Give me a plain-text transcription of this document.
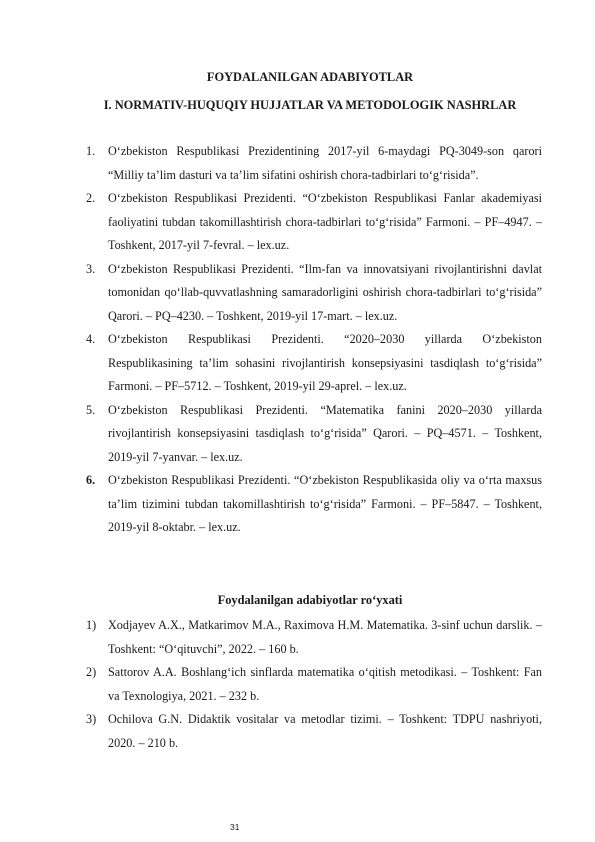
FOYDALANILGAN ADABIYOTLAR
I. NORMATIV-HUQUQIY HUJJATLAR VA METODOLOGIK NASHRLAR
1. O‘zbekiston Respublikasi Prezidentining 2017-yil 6-maydagi PQ-3049-son qarori “Milliy ta’lim dasturi va ta’lim sifatini oshirish chora-tadbirlari to‘g‘risida”.
2. O‘zbekiston Respublikasi Prezidenti. “O‘zbekiston Respublikasi Fanlar akademiyasi faoliyatini tubdan takomillashtirish chora-tadbirlari to‘g‘risida” Farmoni. – PF–4947. – Toshkent, 2017-yil 7-fevral. – lex.uz.
3. O‘zbekiston Respublikasi Prezidenti. “Ilm-fan va innovatsiyani rivojlantirishni davlat tomonidan qo‘llab-quvvatlashning samaradorligini oshirish chora-tadbirlari to‘g‘risida” Qarori. – PQ–4230. – Toshkent, 2019-yil 17-mart. – lex.uz.
4. O‘zbekiston Respublikasi Prezidenti. “2020–2030 yillarda O‘zbekiston Respublikasining ta’lim sohasini rivojlantirish konsepsiyasini tasdiqlash to‘g‘risida” Farmoni. – PF–5712. – Toshkent, 2019-yil 29-aprel. – lex.uz.
5. O‘zbekiston Respublikasi Prezidenti. “Matematika fanini 2020–2030 yillarda rivojlantirish konsepsiyasini tasdiqlash to‘g‘risida” Qarori. – PQ–4571. – Toshkent, 2019-yil 7-yanvar. – lex.uz.
6. O‘zbekiston Respublikasi Prezidenti. “O‘zbekiston Respublikasida oliy va o‘rta maxsus ta’lim tizimini tubdan takomillashtirish to‘g‘risida” Farmoni. – PF–5847. – Toshkent, 2019-yil 8-oktabr. – lex.uz.
Foydalanilgan adabiyotlar ro‘yxati
1) Xodjayev A.X., Matkarimov M.A., Raximova H.M. Matematika. 3-sinf uchun darslik. – Toshkent: “O‘qituvchi”, 2022. – 160 b.
2) Sattorov A.A. Boshlang‘ich sinflarda matematika o‘qitish metodikasi. – Toshkent: Fan va Texnologiya, 2021. – 232 b.
3) Ochilova G.N. Didaktik vositalar va metodlar tizimi. – Toshkent: TDPU nashriyoti, 2020. – 210 b.
31
